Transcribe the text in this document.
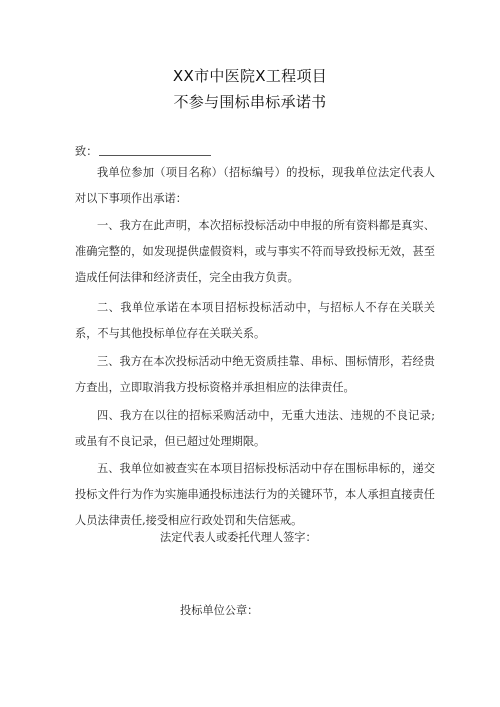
XX市中医院X工程项目
不参与围标串标承诺书
致：

我单位参加（项目名称）（招标编号）的投标，现我单位法定代表人对以下事项作出承诺：

一、我方在此声明，本次招标投标活动中申报的所有资料都是真实、准确完整的，如发现提供虚假资料，或与事实不符而导致投标无效，甚至造成任何法律和经济责任，完全由我方负责。

二、我单位承诺在本项目招标投标活动中，与招标人不存在关联关系，不与其他投标单位存在关联关系。

三、我方在本次投标活动中绝无资质挂靠、串标、围标情形，若经贵方查出，立即取消我方投标资格并承担相应的法律责任。

四、我方在以往的招标采购活动中，无重大违法、违规的不良记录;或虽有不良记录，但已超过处理期限。

五、我单位如被查实在本项目招标投标活动中存在围标串标的，递交投标文件行为作为实施串通投标违法行为的关键环节，本人承担直接责任人员法律责任,接受相应行政处罚和失信惩戒。

法定代表人或委托代理人签字：
投标单位公章：
